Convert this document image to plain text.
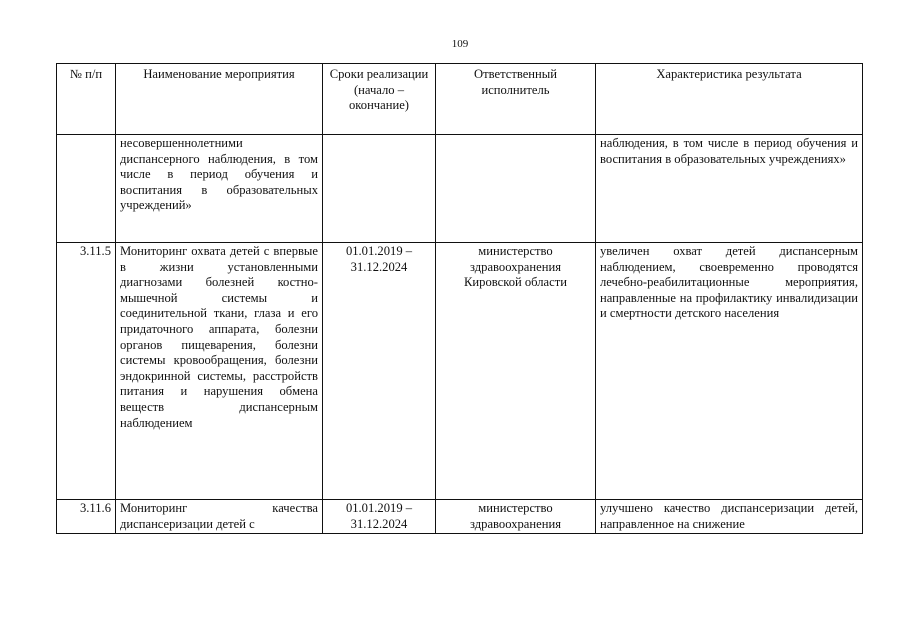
109
№ п/п	Наименование мероприятия	Сроки реализации (начало – окончание)	Ответственный исполнитель	Характеристика результата
	несовершеннолетними диспансерного наблюдения, в том числе в период обучения и воспитания в образовательных учреждений»			наблюдения, в том числе в период обучения и воспитания в образовательных учреждениях»
3.11.5	Мониторинг охвата детей с впервые в жизни установленными диагнозами болезней костно-мышечной системы и соединительной ткани, глаза и его придаточного аппарата, болезни органов пищеварения, болезни системы кровообращения, болезни эндокринной системы, расстройств питания и нарушения обмена веществ диспансерным наблюдением	01.01.2019 – 31.12.2024	министерство здравоохранения Кировской области	увеличен охват детей диспансерным наблюдением, своевременно проводятся лечебно-реабилитационные мероприятия, направленные на профилактику инвалидизации и смертности детского населения
3.11.6	Мониторинг качества диспансеризации детей с	01.01.2019 – 31.12.2024	министерство здравоохранения	улучшено качество диспансеризации детей, направленное на снижение
